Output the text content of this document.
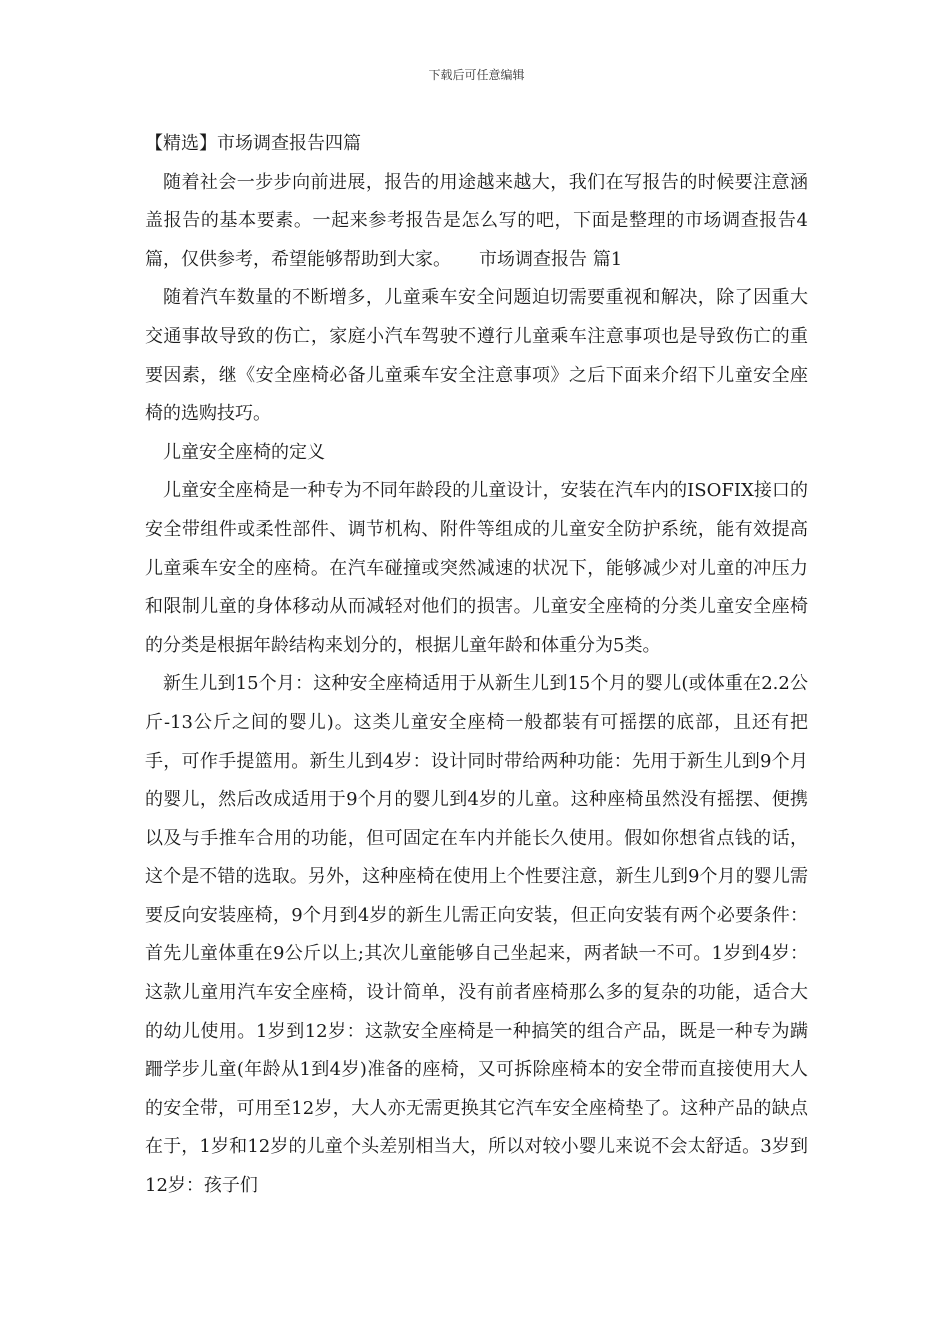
下载后可任意编辑
【精选】市场调查报告四篇

随着社会一步步向前进展，报告的用途越来越大，我们在写报告的时候要注意涵盖报告的基本要素。一起来参考报告是怎么写的吧，下面是整理的市场调查报告4篇，仅供参考，希望能够帮助到大家。 市场调查报告 篇1

随着汽车数量的不断增多，儿童乘车安全问题迫切需要重视和解决，除了因重大交通事故导致的伤亡，家庭小汽车驾驶不遵行儿童乘车注意事项也是导致伤亡的重要因素，继《安全座椅必备儿童乘车安全注意事项》之后下面来介绍下儿童安全座椅的选购技巧。

儿童安全座椅的定义

儿童安全座椅是一种专为不同年龄段的儿童设计，安装在汽车内的ISOFIX接口的安全带组件或柔性部件、调节机构、附件等组成的儿童安全防护系统，能有效提高儿童乘车安全的座椅。在汽车碰撞或突然减速的状况下，能够减少对儿童的冲压力和限制儿童的身体移动从而减轻对他们的损害。儿童安全座椅的分类儿童安全座椅的分类是根据年龄结构来划分的，根据儿童年龄和体重分为5类。

新生儿到15个月：这种安全座椅适用于从新生儿到15个月的婴儿(或体重在2.2公斤-13公斤之间的婴儿)。这类儿童安全座椅一般都装有可摇摆的底部，且还有把手，可作手提篮用。新生儿到4岁：设计同时带给两种功能：先用于新生儿到9个月的婴儿，然后改成适用于9个月的婴儿到4岁的儿童。这种座椅虽然没有摇摆、便携以及与手推车合用的功能，但可固定在车内并能长久使用。假如你想省点钱的话，这个是不错的选取。另外，这种座椅在使用上个性要注意，新生儿到9个月的婴儿需要反向安装座椅，9个月到4岁的新生儿需正向安装，但正向安装有两个必要条件：首先儿童体重在9公斤以上;其次儿童能够自己坐起来，两者缺一不可。1岁到4岁：这款儿童用汽车安全座椅，设计简单，没有前者座椅那么多的复杂的功能，适合大的幼儿使用。1岁到12岁：这款安全座椅是一种搞笑的组合产品，既是一种专为蹒跚学步儿童(年龄从1到4岁)准备的座椅，又可拆除座椅本的安全带而直接使用大人的安全带，可用至12岁，大人亦无需更换其它汽车安全座椅垫了。这种产品的缺点在于，1岁和12岁的儿童个头差别相当大，所以对较小婴儿来说不会太舒适。3岁到12岁：孩子们
